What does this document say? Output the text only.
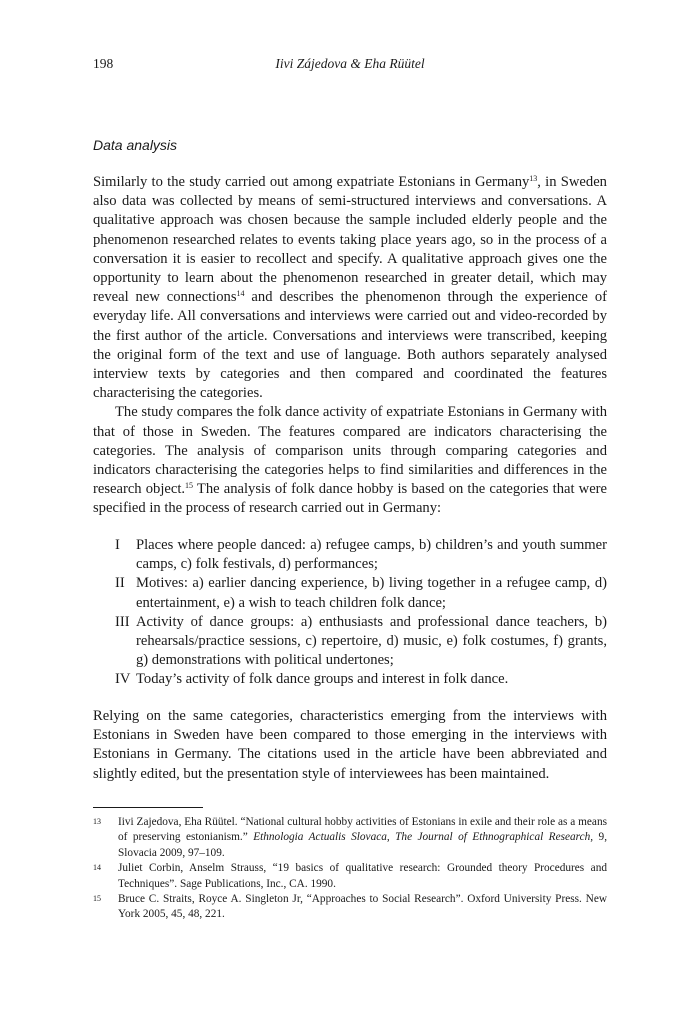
198	Iivi Zájedova & Eha Rüütel
Data analysis

Similarly to the study carried out among expatriate Estonians in Germany$^{13}$, in Sweden also data was collected by means of semi-structured interviews and conversations. A qualitative approach was chosen because the sample included elderly people and the phenomenon researched relates to events taking place years ago, so in the process of a conversation it is easier to recollect and specify. A qualitative approach gives one the opportunity to learn about the phenomenon researched in greater detail, which may reveal new connections$^{14}$ and describes the phenomenon through the experience of everyday life. All conversations and interviews were carried out and video-recorded by the first author of the article. Conversations and interviews were transcribed, keeping the original form of the text and use of language. Both authors separately analysed interview texts by categories and then compared and coordinated the features characterising the categories.

The study compares the folk dance activity of expatriate Estonians in Germany with that of those in Sweden. The features compared are indicators characterising the categories. The analysis of comparison units through comparing categories and indicators characterising the categories helps to find similarities and differences in the research object.$^{15}$ The analysis of folk dance hobby is based on the categories that were specified in the process of research carried out in Germany:

I Places where people danced: a) refugee camps, b) children’s and youth summer camps, c) folk festivals, d) performances;
II Motives: a) earlier dancing experience, b) living together in a refugee camp, d) entertainment, e) a wish to teach children folk dance;
III Activity of dance groups: a) enthusiasts and professional dance teachers, b) rehearsals/practice sessions, c) repertoire, d) music, e) folk costumes, f) grants, g) demonstrations with political undertones;
IV Today’s activity of folk dance groups and interest in folk dance.

Relying on the same categories, characteristics emerging from the interviews with Estonians in Sweden have been compared to those emerging in the interviews with Estonians in Germany. The citations used in the article have been abbreviated and slightly edited, but the presentation style of interviewees has been maintained.

13 Iivi Zajedova, Eha Rüütel. “National cultural hobby activities of Estonians in exile and their role as a means of preserving estonianism.” Ethnologia Actualis Slovaca, The Journal of Ethnographical Research, 9, Slovacia 2009, 97–109.
14 Juliet Corbin, Anselm Strauss, “19 basics of qualitative research: Grounded theory Procedures and Techniques”. Sage Publications, Inc., CA. 1990.
15 Bruce C. Straits, Royce A. Singleton Jr, “Approaches to Social Research”. Oxford University Press. New York 2005, 45, 48, 221.
